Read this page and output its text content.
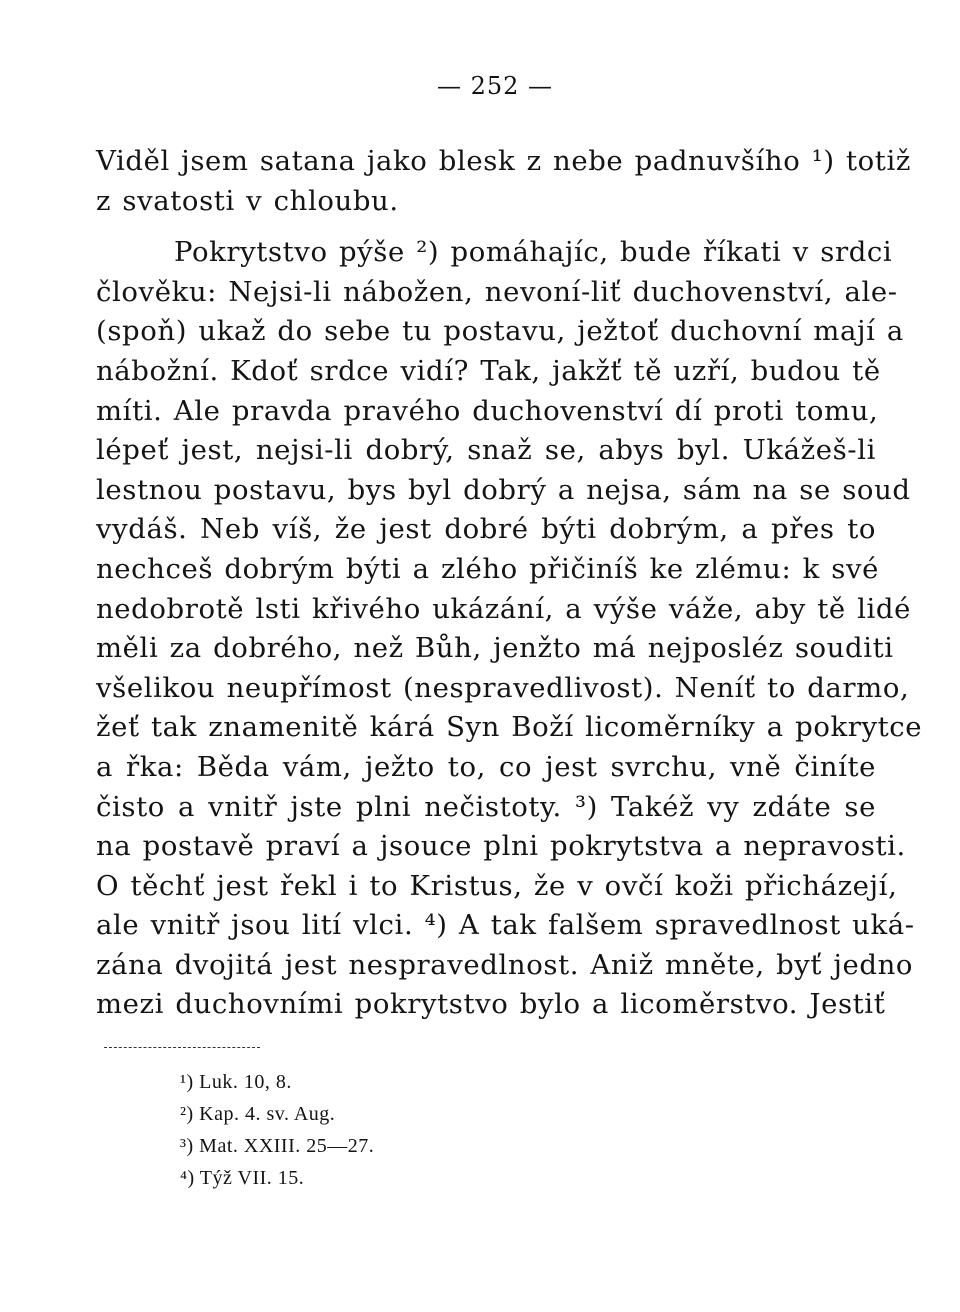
— 252 —
Viděl jsem satana jako blesk z nebe padnuvšího ¹) totiž
z svatosti v chloubu.
Pokrytstvo pýše ²) pomáhajíc, bude říkati v srdci
člověku: Nejsi-li nábožen, nevoní-liť duchovenství, ale-
(spoň) ukaž do sebe tu postavu, ježtoť duchovní mají a
nábožní. Kdoť srdce vidí? Tak, jakžť tě uzří, budou tě
míti. Ale pravda pravého duchovenství dí proti tomu,
lépeť jest, nejsi-li dobrý, snaž se, abys byl. Ukážeš-li
lestnou postavu, bys byl dobrý a nejsa, sám na se soud
vydáš. Neb víš, že jest dobré býti dobrým, a přes to
nechceš dobrým býti a zlého přičiníš ke zlému: k své
nedobrotě lsti křivého ukázání, a výše váže, aby tě lidé
měli za dobrého, než Bůh, jenžto má nejposléz souditi
všelikou neupřímost (nespravedlivost). Neníť to darmo,
žeť tak znamenitě kárá Syn Boží licoměrníky a pokrytce
a řka: Běda vám, ježto to, co jest svrchu, vně činíte
čisto a vnitř jste plni nečistoty. ³) Takéž vy zdáte se
na postavě praví a jsouce plni pokrytstva a nepravosti.
O těchť jest řekl i to Kristus, že v ovčí koži přicházejí,
ale vnitř jsou lití vlci. ⁴) A tak falšem spravedlnost uká-
zána dvojitá jest nespravedlnost. Aniž mněte, byť jedno
mezi duchovními pokrytstvo bylo a licoměrstvo. Jestiť
¹) Luk. 10, 8.
²) Kap. 4. sv. Aug.
³) Mat. XXIII. 25—27.
⁴) Týž VII. 15.
